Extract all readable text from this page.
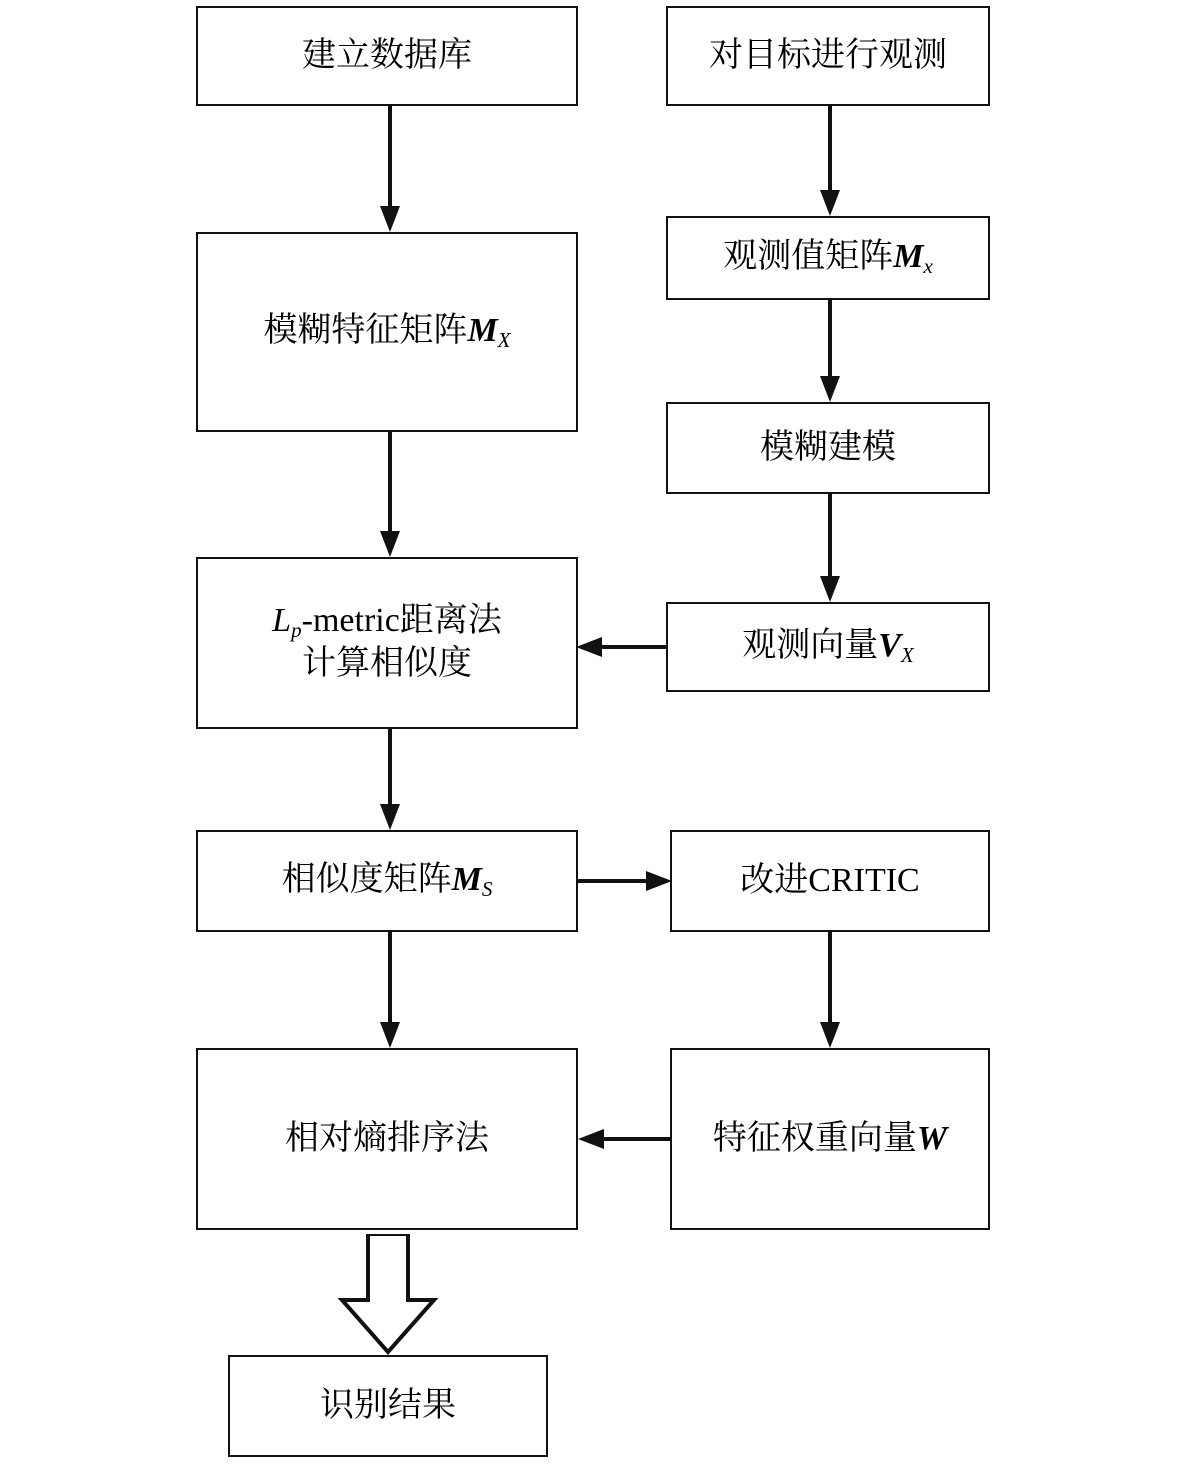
建立数据库	对目标进行观测
模糊特征矩阵$M_X$
观测值矩阵$M_x$
模糊建模
$L_p$-metric距离法
计算相似度	观测向量$V_X$
相似度矩阵$M_S$	改进CRITIC
相对熵排序法	特征权重向量W
识别结果
